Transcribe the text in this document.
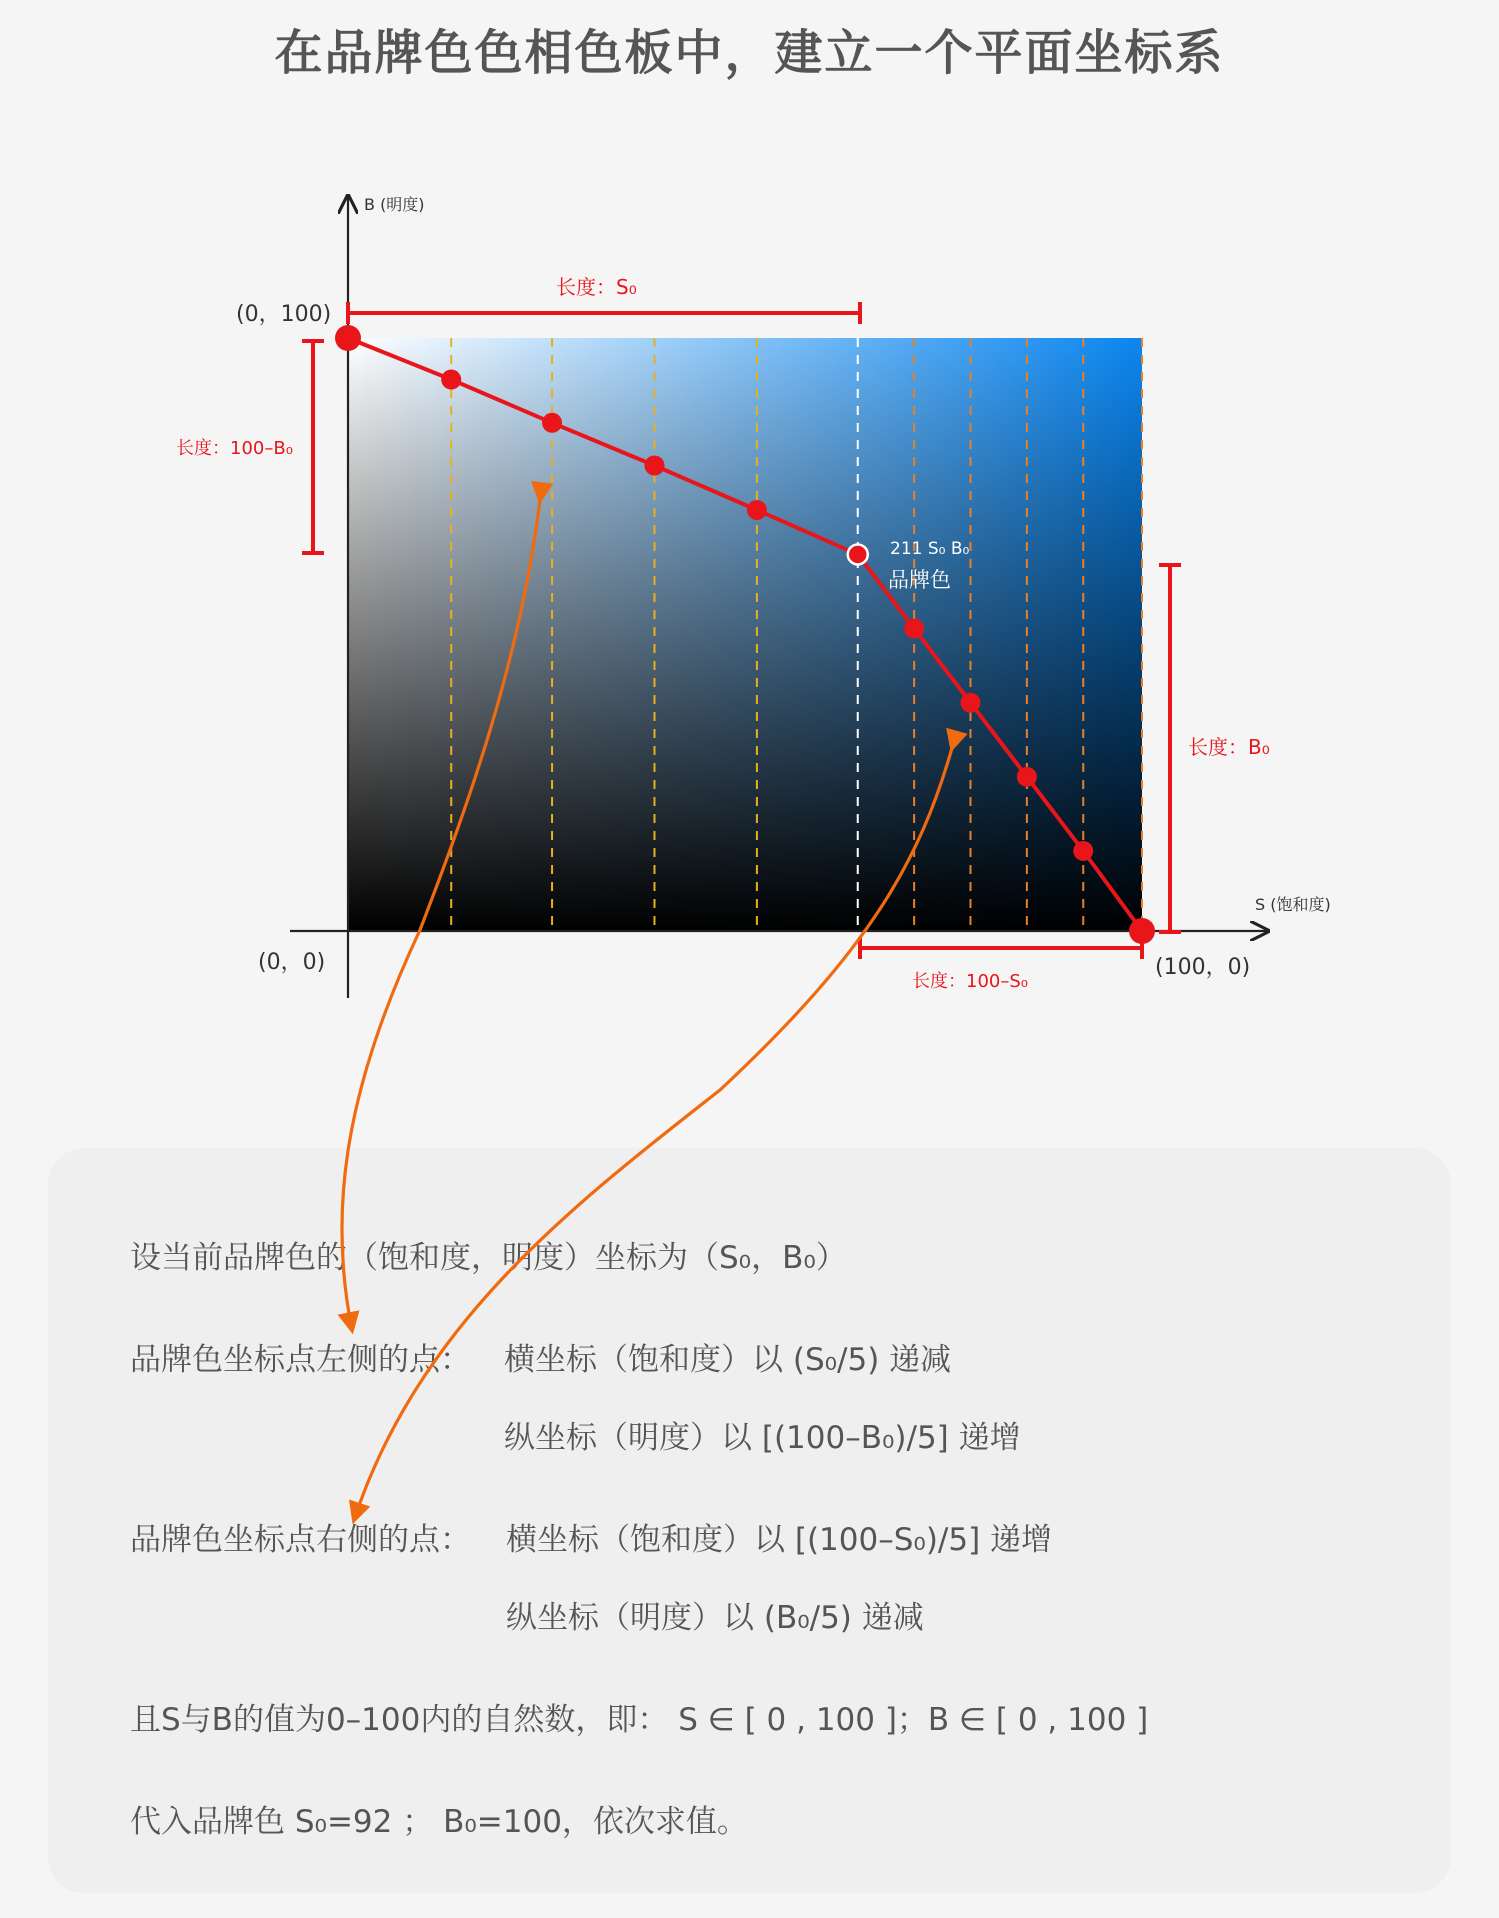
在品牌色色相色板中，建立一个平面坐标系
B (明度)
S (饱和度)
(0，0)
(0，100)
(100，0)
长度：S₀
长度：100–B₀
长度：B₀
长度：100–S₀
211 S₀ B₀
品牌色
设当前品牌色的（饱和度，明度）坐标为（S₀，B₀）
品牌色坐标点左侧的点： 横坐标（饱和度）以 (S₀/5) 递减
纵坐标（明度）以 [(100–B₀)/5] 递增
品牌色坐标点右侧的点： 横坐标（饱和度）以 [(100–S₀)/5] 递增
纵坐标（明度）以 (B₀/5) 递减
且S与B的值为0–100内的自然数，即： S ∈ [ 0 , 100 ]；B ∈ [ 0 , 100 ]
代入品牌色 S₀=92 ； B₀=100，依次求值。
